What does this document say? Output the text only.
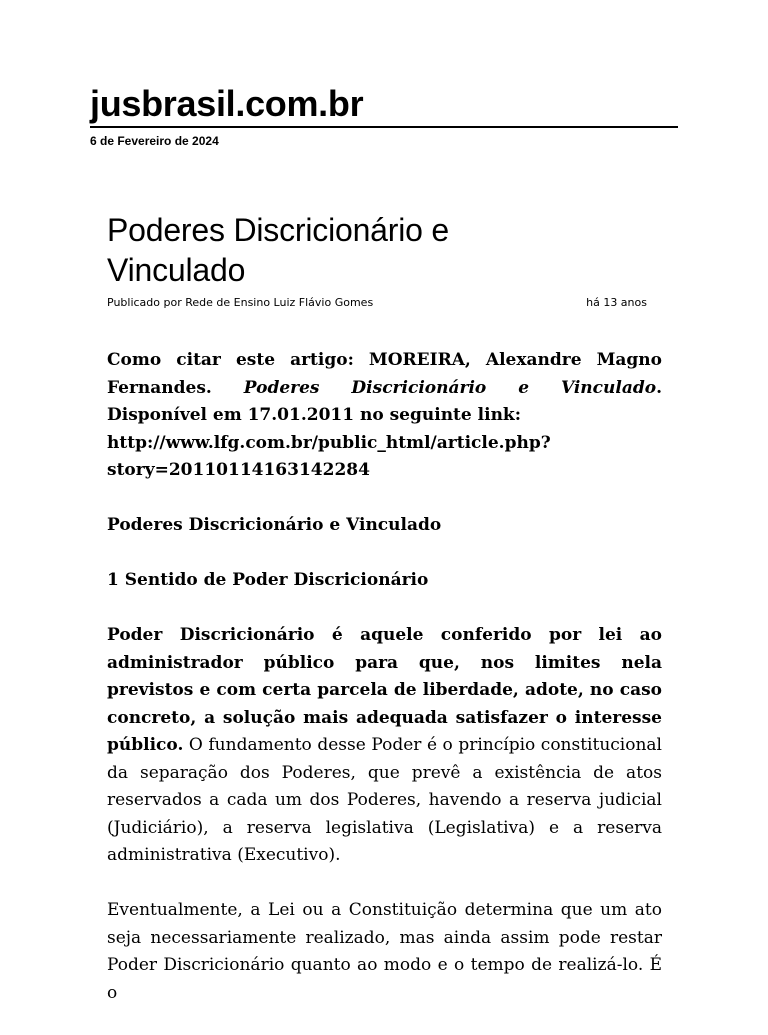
jusbrasil.com.br
6 de Fevereiro de 2024
Poderes Discricionário e
Vinculado
Publicado por Rede de Ensino Luiz Flávio Gomes	há 13 anos

Como citar este artigo: MOREIRA, Alexandre Magno Fernandes. Poderes Discricionário e Vinculado. Disponível em 17.01.2011 no seguinte link:
http://www.lfg.com.br/public_html/article.php?
story=20110114163142284

Poderes Discricionário e Vinculado

1 Sentido de Poder Discricionário

Poder Discricionário é aquele conferido por lei ao administrador público para que, nos limites nela previstos e com certa parcela de liberdade, adote, no caso concreto, a solução mais adequada satisfazer o interesse público. O fundamento desse Poder é o princípio constitucional da separação dos Poderes, que prevê a existência de atos reservados a cada um dos Poderes, havendo a reserva judicial (Judiciário), a reserva legislativa (Legislativa) e a reserva administrativa (Executivo).

Eventualmente, a Lei ou a Constituição determina que um ato seja necessariamente realizado, mas ainda assim pode restar Poder Discricionário quanto ao modo e o tempo de realizá-lo. É o
